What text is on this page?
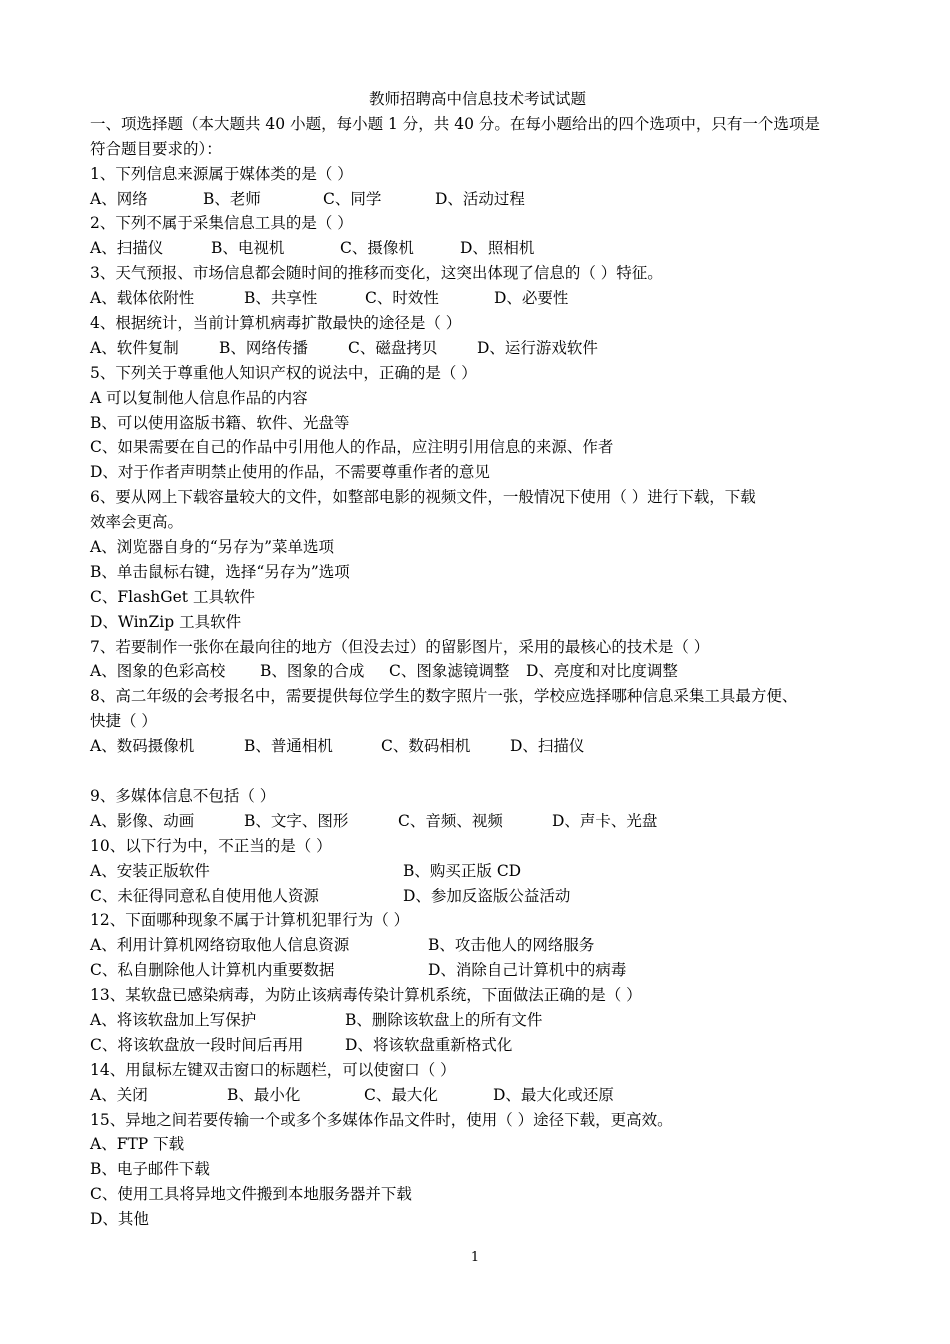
教师招聘高中信息技术考试试题
一、项选择题（本大题共 40 小题，每小题 1 分，共 40 分。在每小题给出的四个选项中，只有一个选项是
符合题目要求的）：
1、下列信息来源属于媒体类的是（ ）
A、网络	B、老师	C、同学	D、活动过程
2、下列不属于采集信息工具的是（ ）
A、扫描仪	B、电视机	C、摄像机	D、照相机
3、天气预报、市场信息都会随时间的推移而变化，这突出体现了信息的（ ）特征。
A、载体依附性	B、共享性	C、时效性	D、必要性
4、根据统计，当前计算机病毒扩散最快的途径是（ ）
A、软件复制	B、网络传播	C、磁盘拷贝	D、运行游戏软件
5、下列关于尊重他人知识产权的说法中，正确的是（ ）
A 可以复制他人信息作品的内容
B、可以使用盗版书籍、软件、光盘等
C、如果需要在自己的作品中引用他人的作品，应注明引用信息的来源、作者
D、对于作者声明禁止使用的作品，不需要尊重作者的意见
6、要从网上下载容量较大的文件，如整部电影的视频文件，一般情况下使用（ ）进行下载，下载
效率会更高。
A、浏览器自身的“另存为”菜单选项
B、单击鼠标右键，选择“另存为”选项
C、FlashGet 工具软件
D、WinZip 工具软件
7、若要制作一张你在最向往的地方（但没去过）的留影图片，采用的最核心的技术是（ ）
A、图象的色彩高校 B、图象的合成 C、图象滤镜调整 D、亮度和对比度调整
8、高二年级的会考报名中，需要提供每位学生的数字照片一张，学校应选择哪种信息采集工具最方便、
快捷（ ）
A、数码摄像机	B、普通相机	C、数码相机	D、扫描仪
9、多媒体信息不包括（ ）
A、影像、动画	B、文字、图形	C、音频、视频	D、声卡、光盘
10、以下行为中，不正当的是（ ）
A、安装正版软件	B、购买正版 CD
C、未征得同意私自使用他人资源	D、参加反盗版公益活动
12、下面哪种现象不属于计算机犯罪行为（ ）
A、利用计算机网络窃取他人信息资源	B、攻击他人的网络服务
C、私自删除他人计算机内重要数据	D、消除自己计算机中的病毒
13、某软盘已感染病毒，为防止该病毒传染计算机系统，下面做法正确的是（ ）
A、将该软盘加上写保护	B、删除该软盘上的所有文件
C、将该软盘放一段时间后再用	D、将该软盘重新格式化
14、用鼠标左键双击窗口的标题栏，可以使窗口（ ）
A、关闭	B、最小化	C、最大化	D、最大化或还原
15、异地之间若要传输一个或多个多媒体作品文件时，使用（ ）途径下载，更高效。
A、FTP 下载
B、电子邮件下载
C、使用工具将异地文件搬到本地服务器并下载
D、其他
1
